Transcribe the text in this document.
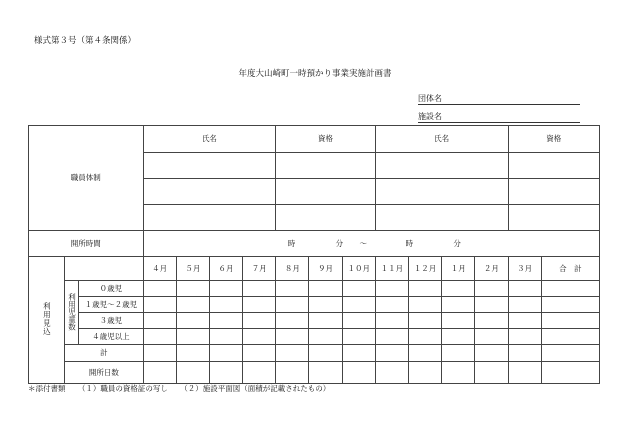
様式第３号（第４条関係）
年度大山崎町一時預かり事業実施計画書
団体名
施設名
職員体制			氏名				資格			氏名				資格	

開所時間			時 分 ～ 時 分												
利用見込			４月	５月	６月	７月	８月	９月	１０月	１１月	１２月	１月	２月	３月	合　計
	利用児童数	０歳児													
		１歳児～２歳児													
		３歳児													
		４歳児以上													
	計														
	開所日数														
＊添付書類 （１）職員の資格証の写し （２）施設平面図（面積が記載されたもの）
